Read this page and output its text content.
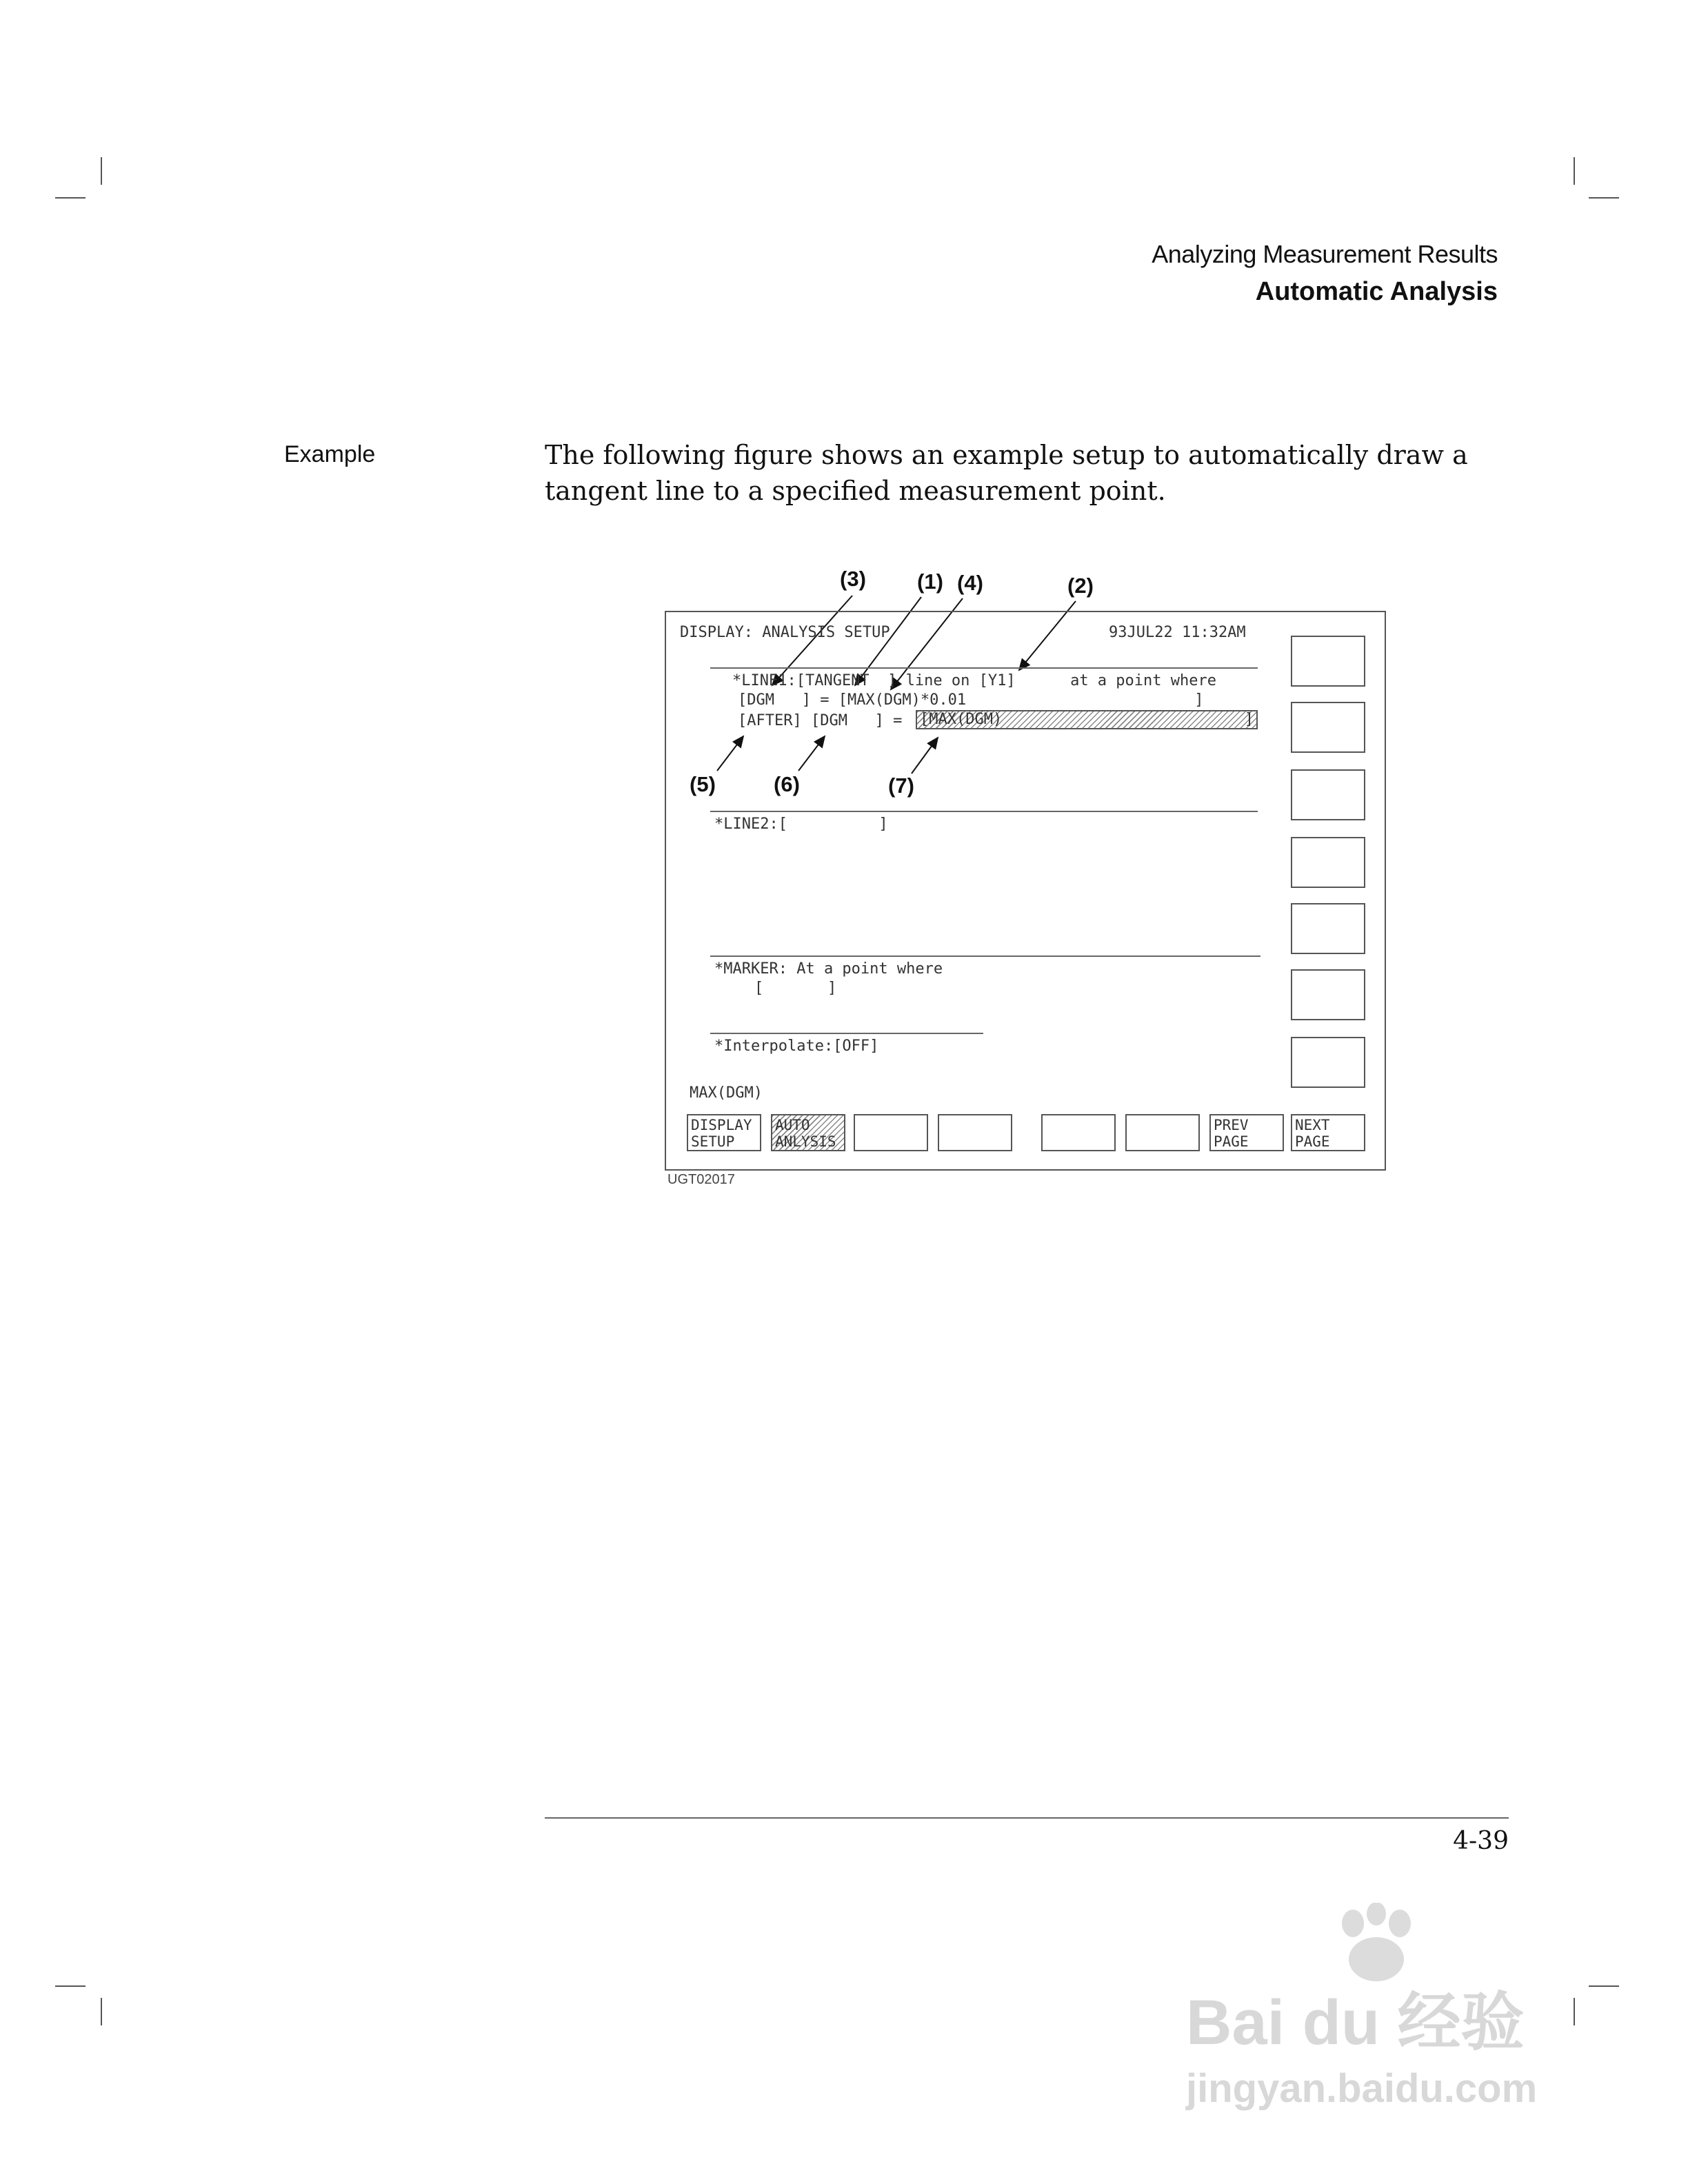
Analyzing Measurement Results
Automatic Analysis
Example	The following figure shows an example setup to automatically draw a tangent line to a specified measurement point.
(3) (1) (4)	(2)
(5)	(6)	(7)
DISPLAY: ANALYSIS SETUP	93JUL22 11:32AM
*LINE1:[TANGENT  ] line on [Y1]      at a point where
[DGM   ] = [MAX(DGM)*0.01                         ]
[AFTER] [DGM   ] = [MAX(DGM)	]
*LINE2:[          ]
*MARKER: At a point where
[       ]
*Interpolate:[OFF]
MAX(DGM)
DISPLAY
SETUP
AUTO
ANLYSIS
PREV
PAGE
NEXT
PAGE
UGT02017
4-39
Bai du 经验
jingyan.baidu.com
